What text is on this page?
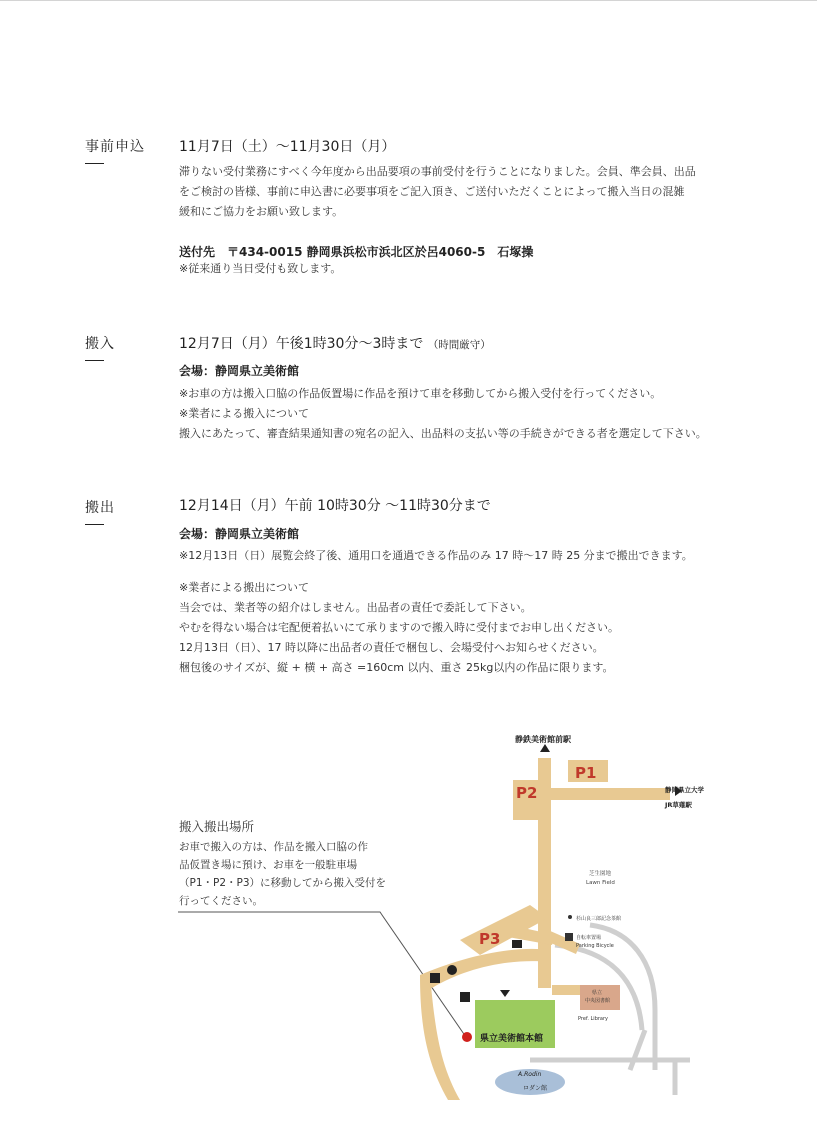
事前申込 11月7日（土）〜11月30日（月）
滞りない受付業務にすべく今年度から出品要項の事前受付を行うことになりました。会員、準会員、出品
をご検討の皆様、事前に申込書に必要事項をご記入頂き、ご送付いただくことによって搬入当日の混雑
緩和にご協力をお願い致します。
送付先　〒434-0015 静岡県浜松市浜北区於呂4060-5　石塚操
※従来通り当日受付も致します。
搬入	12月7日（月）午後1時30分〜3時まで （時間厳守）
会場：静岡県立美術館
※お車の方は搬入口脇の作品仮置場に作品を預けて車を移動してから搬入受付を行ってください。
※業者による搬入について
搬入にあたって、審査結果通知書の宛名の記入、出品料の支払い等の手続きができる者を選定して下さい。
搬出	12月14日（月）午前 10時30分 〜11時30分まで
会場：静岡県立美術館
※12月13日（日）展覧会終了後、通用口を通過できる作品のみ 17 時〜17 時 25 分まで搬出できます。
※業者による搬出について
当会では、業者等の紹介はしません。出品者の責任で委託して下さい。
やむを得ない場合は宅配便着払いにて承りますので搬入時に受付までお申し出ください。
12月13日（日）、17 時以降に出品者の責任で梱包し、会場受付へお知らせください。
梱包後のサイズが、縦 + 横 + 高さ =160cm 以内、重さ 25kg以内の作品に限ります。
搬入搬出場所
お車で搬入の方は、作品を搬入口脇の作
品仮置き場に預け、お車を一般駐車場
（P1・P2・P3）に移動してから搬入受付を
行ってください。
P1
P2
P3
静鉄美術館前駅
静岡県立大学
JR草薙駅
芝生園地
Lawn Field
杉山良三郎記念茶館
自転車置場
Parking Bicycle
県立美術館本館
県立
中央図書館
Pref. Library
A.Rodin
ロダン館
